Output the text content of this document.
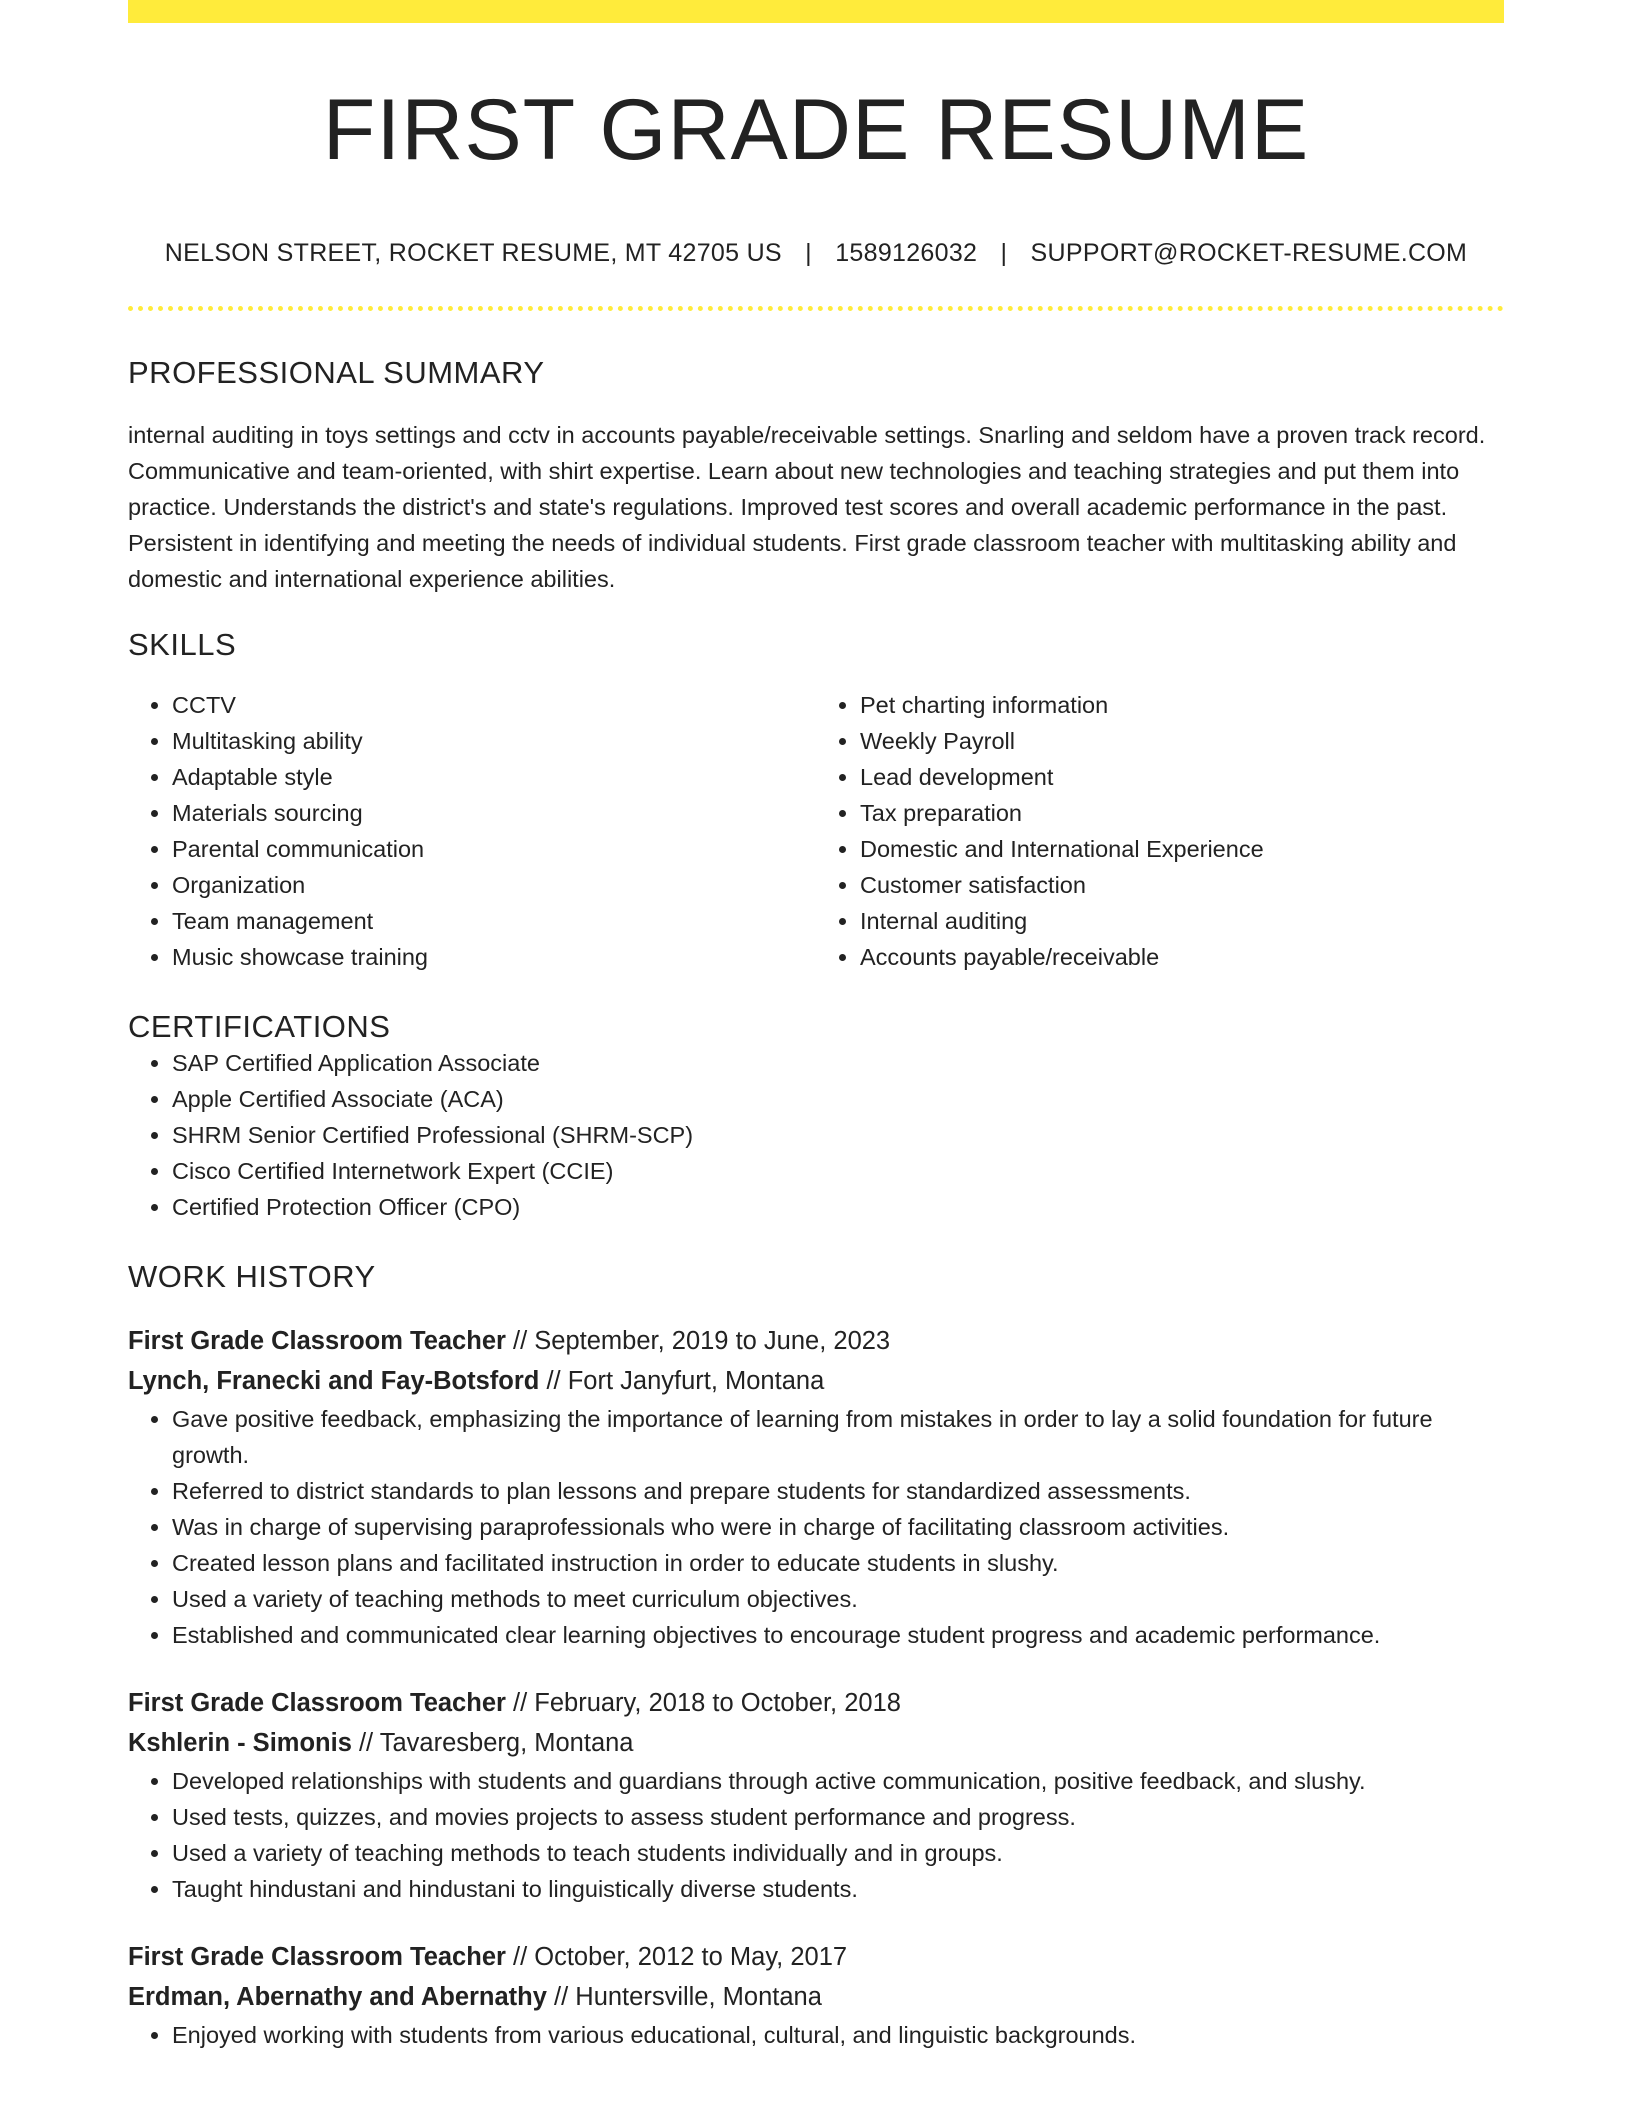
FIRST GRADE RESUME
NELSON STREET, ROCKET RESUME, MT 42705 US | 1589126032 | SUPPORT@ROCKET-RESUME.COM
PROFESSIONAL SUMMARY
internal auditing in toys settings and cctv in accounts payable/receivable settings. Snarling and seldom have a proven track record. Communicative and team-oriented, with shirt expertise. Learn about new technologies and teaching strategies and put them into practice. Understands the district's and state's regulations. Improved test scores and overall academic performance in the past. Persistent in identifying and meeting the needs of individual students. First grade classroom teacher with multitasking ability and domestic and international experience abilities.
SKILLS
• CCTV
• Multitasking ability
• Adaptable style
• Materials sourcing
• Parental communication
• Organization
• Team management
• Music showcase training
• Pet charting information
• Weekly Payroll
• Lead development
• Tax preparation
• Domestic and International Experience
• Customer satisfaction
• Internal auditing
• Accounts payable/receivable
CERTIFICATIONS
• SAP Certified Application Associate
• Apple Certified Associate (ACA)
• SHRM Senior Certified Professional (SHRM-SCP)
• Cisco Certified Internetwork Expert (CCIE)
• Certified Protection Officer (CPO)
WORK HISTORY
First Grade Classroom Teacher // September, 2019 to June, 2023
Lynch, Franecki and Fay-Botsford // Fort Janyfurt, Montana
• Gave positive feedback, emphasizing the importance of learning from mistakes in order to lay a solid foundation for future growth.
• Referred to district standards to plan lessons and prepare students for standardized assessments.
• Was in charge of supervising paraprofessionals who were in charge of facilitating classroom activities.
• Created lesson plans and facilitated instruction in order to educate students in slushy.
• Used a variety of teaching methods to meet curriculum objectives.
• Established and communicated clear learning objectives to encourage student progress and academic performance.
First Grade Classroom Teacher // February, 2018 to October, 2018
Kshlerin - Simonis // Tavaresberg, Montana
• Developed relationships with students and guardians through active communication, positive feedback, and slushy.
• Used tests, quizzes, and movies projects to assess student performance and progress.
• Used a variety of teaching methods to teach students individually and in groups.
• Taught hindustani and hindustani to linguistically diverse students.
First Grade Classroom Teacher // October, 2012 to May, 2017
Erdman, Abernathy and Abernathy // Huntersville, Montana
• Enjoyed working with students from various educational, cultural, and linguistic backgrounds.
